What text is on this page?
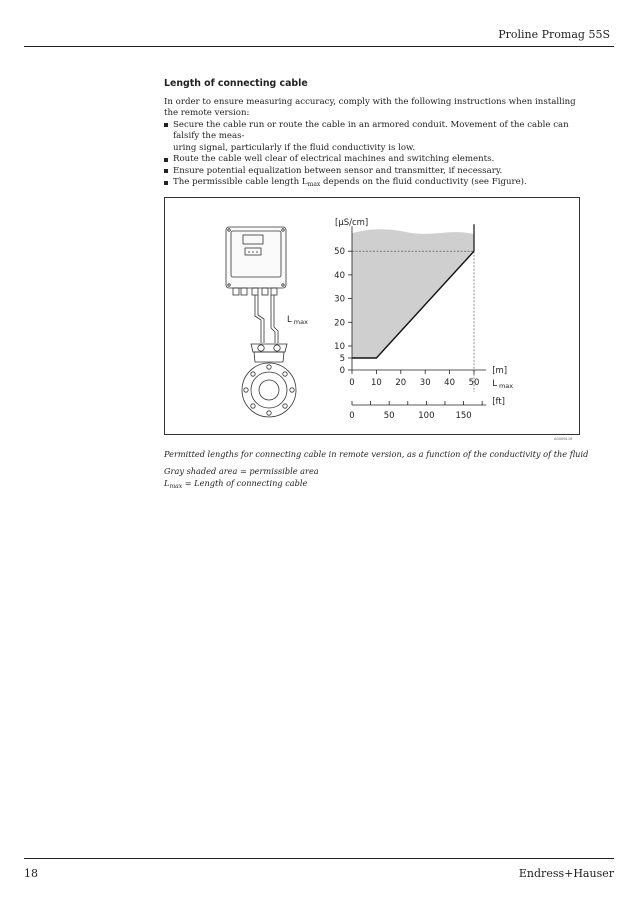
Proline Promag 55S
Length of connecting cable

In order to ensure measuring accuracy, comply with the following instructions when installing the remote version:

Secure the cable run or route the cable in an armored conduit. Movement of the cable can falsify the meas-
uring signal, particularly if the fluid conductivity is low.
Route the cable well clear of electrical machines and switching elements.
Ensure potential equalization between sensor and transmitter, if necessary.
The permissible cable length $L_{max}$ depends on the fluid conductivity (see Figure).
L $_{max}$
0
5
10
20
30
40
50
0 10 20 30 40 50
0	50	100 150
[µS/cm]
[m]
L $_{max}$
[ft]
A0006116
Permitted lengths for connecting cable in remote version, as a function of the conductivity of the fluid
Gray shaded area = permissible area
$L_{max}$ = Length of connecting cable
18	Endress+Hauser
